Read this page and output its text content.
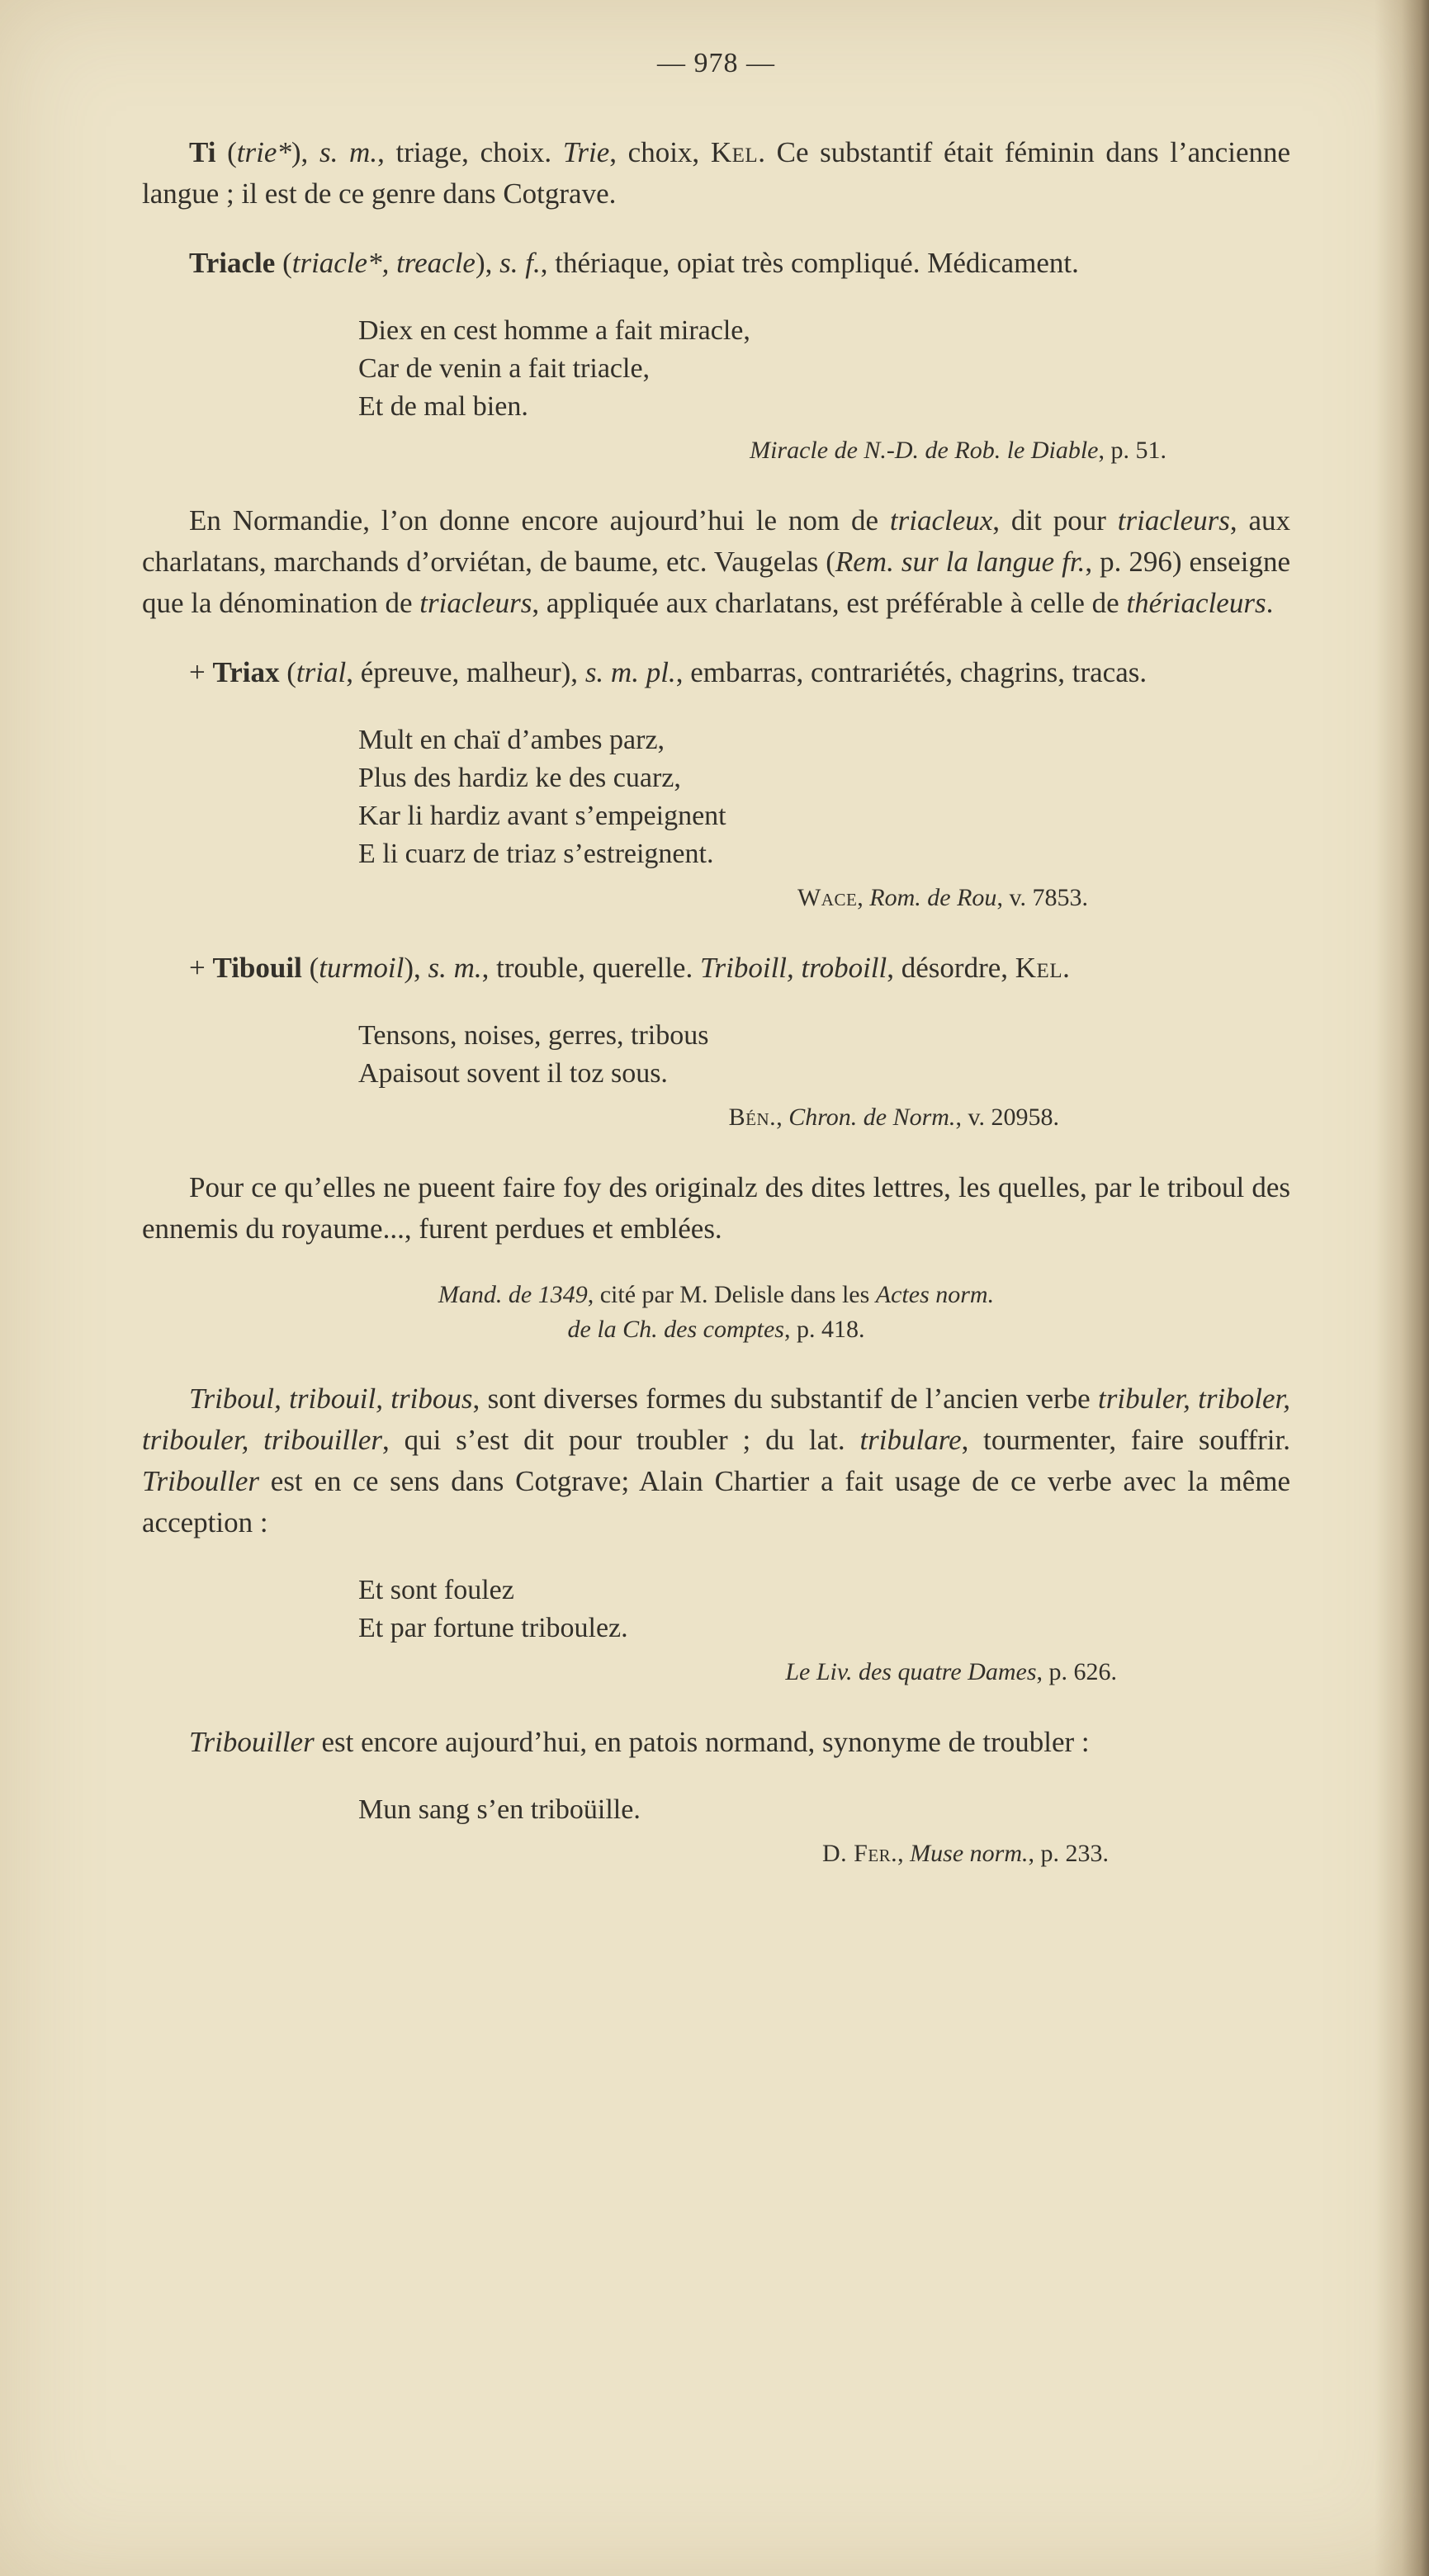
— 978 —

Ti (trie*), s. m., triage, choix. Trie, choix, Kel. Ce substantif était féminin dans l’ancienne langue ; il est de ce genre dans Cotgrave.

Triacle (triacle*, treacle), s. f., thériaque, opiat très compliqué. Médicament.

Diex en cest homme a fait miracle,
Car de venin a fait triacle,
Et de mal bien.
Miracle de N.-D. de Rob. le Diable, p. 51.

En Normandie, l’on donne encore aujourd’hui le nom de triacleux, dit pour triacleurs, aux charlatans, marchands d’orviétan, de baume, etc. Vaugelas (Rem. sur la langue fr., p. 296) enseigne que la dénomination de triacleurs, appliquée aux charlatans, est préférable à celle de thériacleurs.

+ Triax (trial, épreuve, malheur), s. m. pl., embarras, contrariétés, chagrins, tracas.

Mult en chaï d’ambes parz,
Plus des hardiz ke des cuarz,
Kar li hardiz avant s’empeignent
E li cuarz de triaz s’estreignent.
Wace, Rom. de Rou, v. 7853.

+ Tibouil (turmoil), s. m., trouble, querelle. Triboill, troboill, désordre, Kel.

Tensons, noises, gerres, tribous
Apaisout sovent il toz sous.
Bén., Chron. de Norm., v. 20958.

Pour ce qu’elles ne pueent faire foy des originalz des dites lettres, les quelles, par le triboul des ennemis du royaume..., furent perdues et emblées.

Mand. de 1349, cité par M. Delisle dans les Actes norm.
de la Ch. des comptes, p. 418.

Triboul, tribouil, tribous, sont diverses formes du substantif de l’ancien verbe tribuler, triboler, tribouler, tribouiller, qui s’est dit pour troubler ; du lat. tribulare, tourmenter, faire souffrir. Tribouller est en ce sens dans Cotgrave; Alain Chartier a fait usage de ce verbe avec la même acception :

Et sont foulez
Et par fortune triboulez.
Le Liv. des quatre Dames, p. 626.

Tribouiller est encore aujourd’hui, en patois normand, synonyme de troubler :

Mun sang s’en triboüille.
D. Fer., Muse norm., p. 233.
